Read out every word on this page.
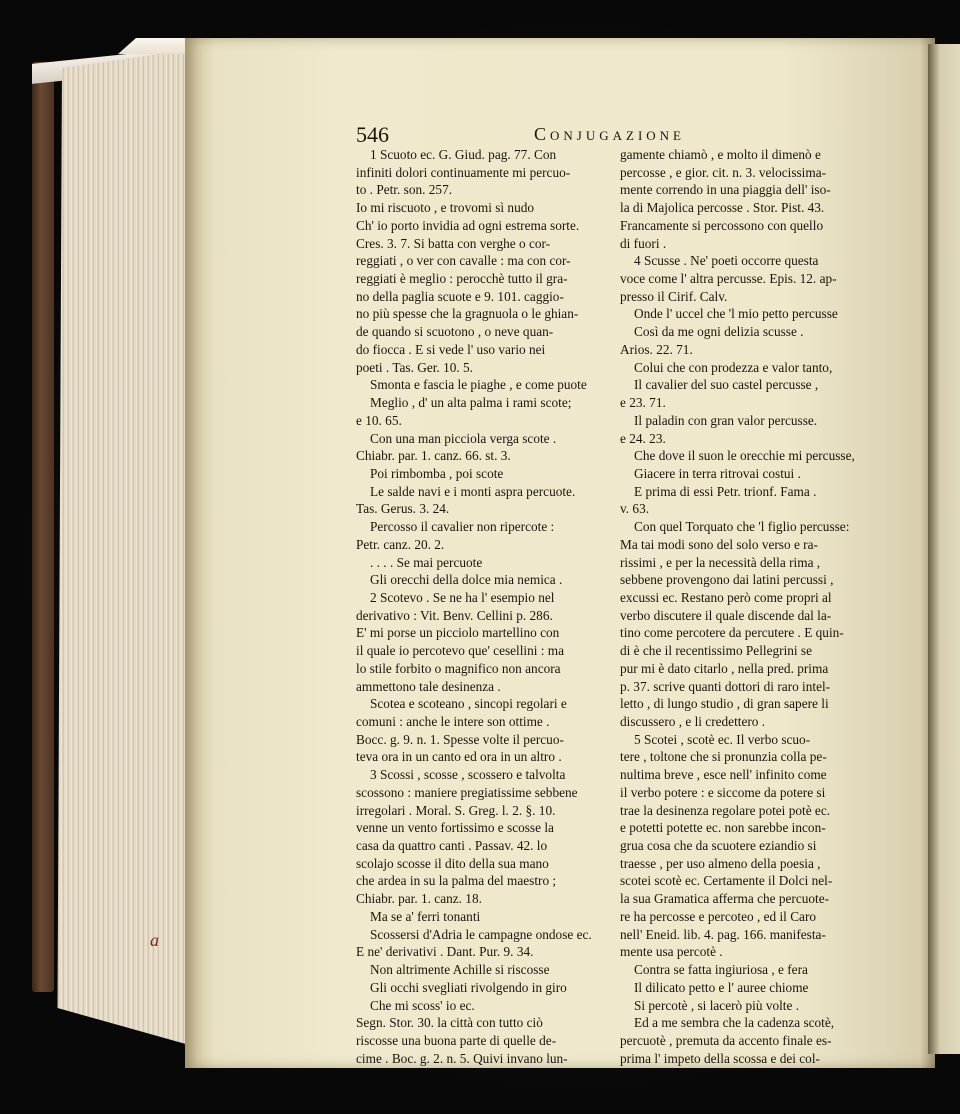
a
546	Conjugazione
1 Scuoto ec. G. Giud. pag. 77. Con
infiniti dolori continuamente mi percuo-
to . Petr. son. 257.
Io mi riscuoto , e trovomi sì nudo
Ch' io porto invidia ad ogni estrema sorte.
Cres. 3. 7. Si batta con verghe o cor-
reggiati , o ver con cavalle : ma con cor-
reggiati è meglio : perocchè tutto il gra-
no della paglia scuote e 9. 101. caggio-
no più spesse che la gragnuola o le ghian-
de quando si scuotono , o neve quan-
do fiocca . E si vede l' uso vario nei
poeti . Tas. Ger. 10. 5.
Smonta e fascia le piaghe , e come puote
Meglio , d' un alta palma i rami scote;
e 10. 65.
Con una man picciola verga scote .
Chiabr. par. 1. canz. 66. st. 3.
Poi rimbomba , poi scote
Le salde navi e i monti aspra percuote.
Tas. Gerus. 3. 24.
Percosso il cavalier non ripercote :
Petr. canz. 20. 2.
. . . . Se mai percuote
Gli orecchi della dolce mia nemica .
2 Scotevo . Se ne ha l' esempio nel
derivativo : Vit. Benv. Cellini p. 286.
E' mi porse un picciolo martellino con
il quale io percotevo que' cesellini : ma
lo stile forbito o magnifico non ancora
ammettono tale desinenza .
Scotea e scoteano , sincopi regolari e
comuni : anche le intere son ottime .
Bocc. g. 9. n. 1. Spesse volte il percuo-
teva ora in un canto ed ora in un altro .
3 Scossi , scosse , scossero e talvolta
scossono : maniere pregiatissime sebbene
irregolari . Moral. S. Greg. l. 2. §. 10.
venne un vento fortissimo e scosse la
casa da quattro canti . Passav. 42. lo
scolajo scosse il dito della sua mano
che ardea in su la palma del maestro ;
Chiabr. par. 1. canz. 18.
Ma se a' ferri tonanti
Scossersi d'Adria le campagne ondose ec.
E ne' derivativi . Dant. Pur. 9. 34.
Non altrimente Achille si riscosse
Gli occhi svegliati rivolgendo in giro
Che mi scoss' io ec.
Segn. Stor. 30. la città con tutto ciò
riscosse una buona parte di quelle de-
cime . Boc. g. 2. n. 5. Quivi invano lun-
gamente chiamò , e molto il dimenò e
percosse , e gior. cit. n. 3. velocissima-
mente correndo in una piaggia dell' iso-
la di Majolica percosse . Stor. Pist. 43.
Francamente si percossono con quello
di fuori .
4 Scusse . Ne' poeti occorre questa
voce come l' altra percusse. Epis. 12. ap-
presso il Cirif. Calv.
Onde l' uccel che 'l mio petto percusse
Così da me ogni delizia scusse .
Arios. 22. 71.
Colui che con prodezza e valor tanto,
Il cavalier del suo castel percusse ,
e 23. 71.
Il paladin con gran valor percusse.
e 24. 23.
Che dove il suon le orecchie mi percusse,
Giacere in terra ritrovai costui .
E prima di essi Petr. trionf. Fama .
v. 63.
Con quel Torquato che 'l figlio percusse:
Ma tai modi sono del solo verso e ra-
rissimi , e per la necessità della rima ,
sebbene provengono dai latini percussi ,
excussi ec. Restano però come propri al
verbo discutere il quale discende dal la-
tino come percotere da percutere . E quin-
di è che il recentissimo Pellegrini se
pur mi è dato citarlo , nella pred. prima
p. 37. scrive quanti dottori di raro intel-
letto , di lungo studio , di gran sapere li
discussero , e li credettero .
5 Scotei , scotè ec. Il verbo scuo-
tere , toltone che si pronunzia colla pe-
nultima breve , esce nell' infinito come
il verbo potere : e siccome da potere si
trae la desinenza regolare potei potè ec.
e potetti potette ec. non sarebbe incon-
grua cosa che da scuotere eziandio si
traesse , per uso almeno della poesia ,
scotei scotè ec. Certamente il Dolci nel-
la sua Gramatica afferma che percuote-
re ha percosse e percoteo , ed il Caro
nell' Eneid. lib. 4. pag. 166. manifesta-
mente usa percotè .
Contra se fatta ingiuriosa , e fera
Il dilicato petto e l' auree chiome
Si percotè , si lacerò più volte .
Ed a me sembra che la cadenza scotè,
percuotè , premuta da accento finale es-
prima l' impeto della scossa e dei col-
